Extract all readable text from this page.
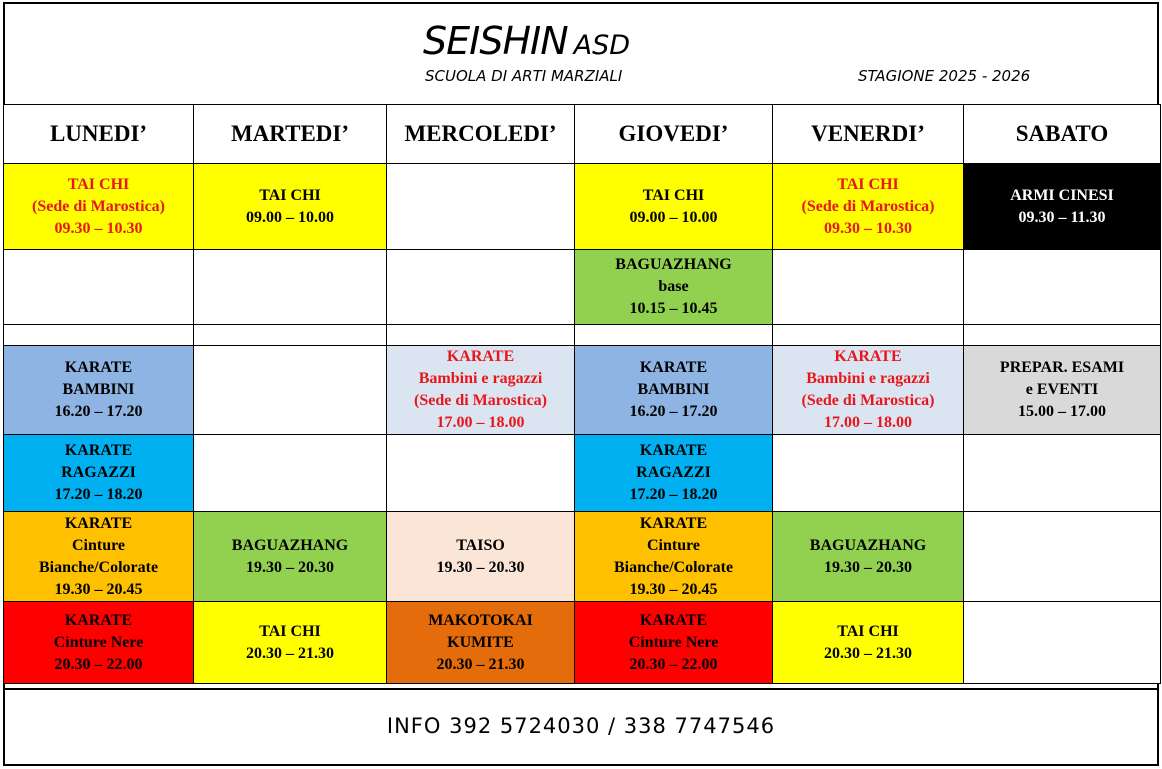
SEISHIN ASD
SCUOLA DI ARTI MARZIALI	STAGIONE 2025 - 2026
LUNEDI’	MARTEDI’	MERCOLEDI’	GIOVEDI’	VENERDI’	SABATO

TAI CHI
(Sede di Marostica)
09.30 – 10.30	TAI CHI
09.00 – 10.00		TAI CHI
09.00 – 10.00	TAI CHI
(Sede di Marostica)
09.30 – 10.30	ARMI CINESI
09.30 – 11.30

			BAGUAZHANG
base
10.15 – 10.45		

KARATE
BAMBINI
16.20 – 17.20		KARATE
Bambini e ragazzi
(Sede di Marostica)
17.00 – 18.00	KARATE
BAMBINI
16.20 – 17.20	KARATE
Bambini e ragazzi
(Sede di Marostica)
17.00 – 18.00	PREPAR. ESAMI
e EVENTI
15.00 – 17.00

KARATE
RAGAZZI
17.20 – 18.20			KARATE
RAGAZZI
17.20 – 18.20		

KARATE
Cinture
Bianche/Colorate
19.30 – 20.45	BAGUAZHANG
19.30 – 20.30	TAISO
19.30 – 20.30	KARATE
Cinture
Bianche/Colorate
19.30 – 20.45	BAGUAZHANG
19.30 – 20.30	

KARATE
Cinture Nere
20.30 – 22.00	TAI CHI
20.30 – 21.30	MAKOTOKAI
KUMITE
20.30 – 21.30	KARATE
Cinture Nere
20.30 – 22.00	TAI CHI
20.30 – 21.30	

INFO 392 5724030 / 338 7747546
